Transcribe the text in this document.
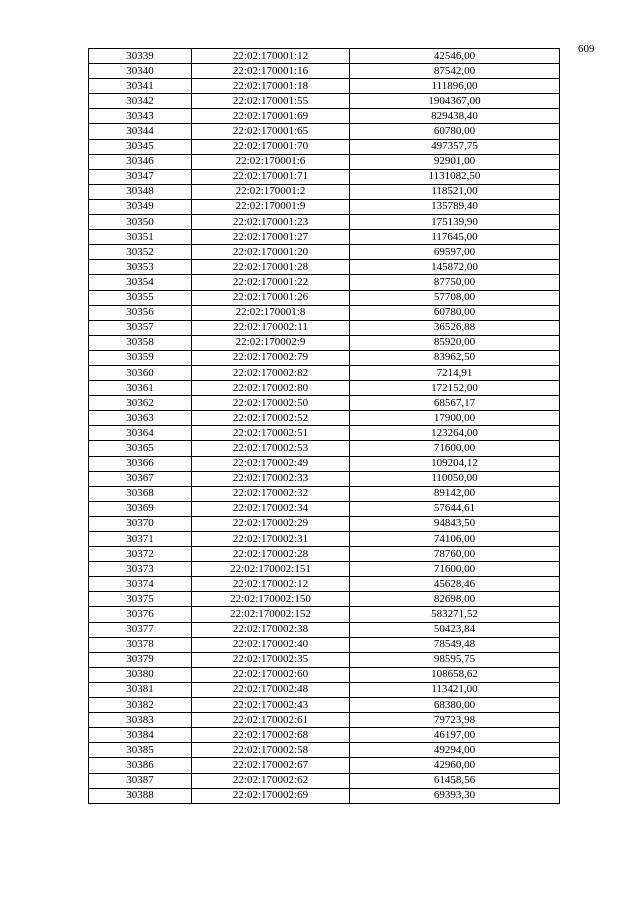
609
30339	22:02:170001:12	42546,00
30340	22:02:170001:16	87542,00
30341	22:02:170001:18	111896,00
30342	22:02:170001:55	1904367,00
30343	22:02:170001:69	829438,40
30344	22:02:170001:65	60780,00
30345	22:02:170001:70	497357,75
30346	22:02:170001:6	92901,00
30347	22:02:170001:71	1131082,50
30348	22:02:170001:2	118521,00
30349	22:02:170001:9	135789,40
30350	22:02:170001:23	175139,90
30351	22:02:170001:27	117645,00
30352	22:02:170001:20	69597,00
30353	22:02:170001:28	145872,00
30354	22:02:170001:22	87750,00
30355	22:02:170001:26	57708,00
30356	22:02:170001:8	60780,00
30357	22:02:170002:11	36526,88
30358	22:02:170002:9	85920,00
30359	22:02:170002:79	83962,50
30360	22:02:170002:82	7214,91
30361	22:02:170002:80	172152,00
30362	22:02:170002:50	68567,17
30363	22:02:170002:52	17900,00
30364	22:02:170002:51	123264,00
30365	22:02:170002:53	71600,00
30366	22:02:170002:49	109204,12
30367	22:02:170002:33	110050,00
30368	22:02:170002:32	89142,00
30369	22:02:170002:34	57644,61
30370	22:02:170002:29	94843,50
30371	22:02:170002:31	74106,00
30372	22:02:170002:28	78760,00
30373	22:02:170002:151	71600,00
30374	22:02:170002:12	45628,46
30375	22:02:170002:150	82698,00
30376	22:02:170002:152	583271,52
30377	22:02:170002:38	50423,84
30378	22:02:170002:40	78549,48
30379	22:02:170002:35	98595,75
30380	22:02:170002:60	108658,62
30381	22:02:170002:48	113421,00
30382	22:02:170002:43	68380,00
30383	22:02:170002:61	79723,98
30384	22:02:170002:68	46197,00
30385	22:02:170002:58	49294,00
30386	22:02:170002:67	42960,00
30387	22:02:170002:62	61458,56
30388	22:02:170002:69	69393,30
